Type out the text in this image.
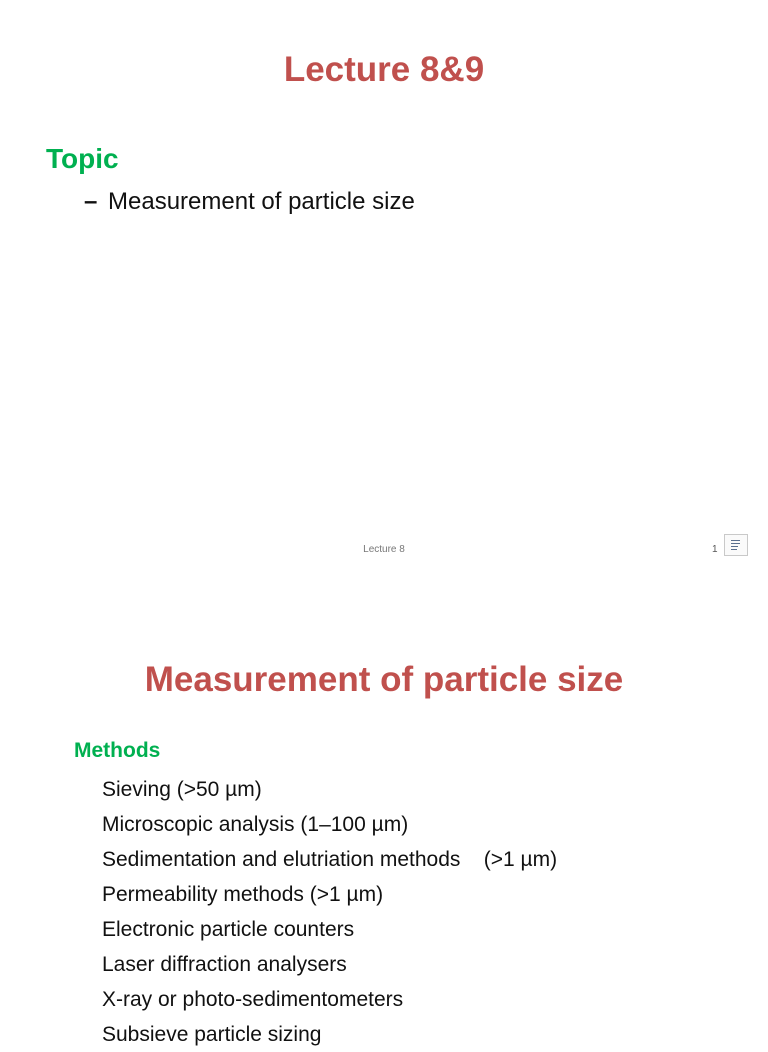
Lecture 8&9
Topic
– Measurement of particle size
Lecture 8	1
Measurement of particle size
Methods
Sieving (>50 µm)
Microscopic analysis (1–100 µm)
Sedimentation and elutriation methods    (>1 µm)
Permeability methods (>1 µm)
Electronic particle counters
Laser diffraction analysers
X-ray or photo-sedimentometers
Subsieve particle sizing
